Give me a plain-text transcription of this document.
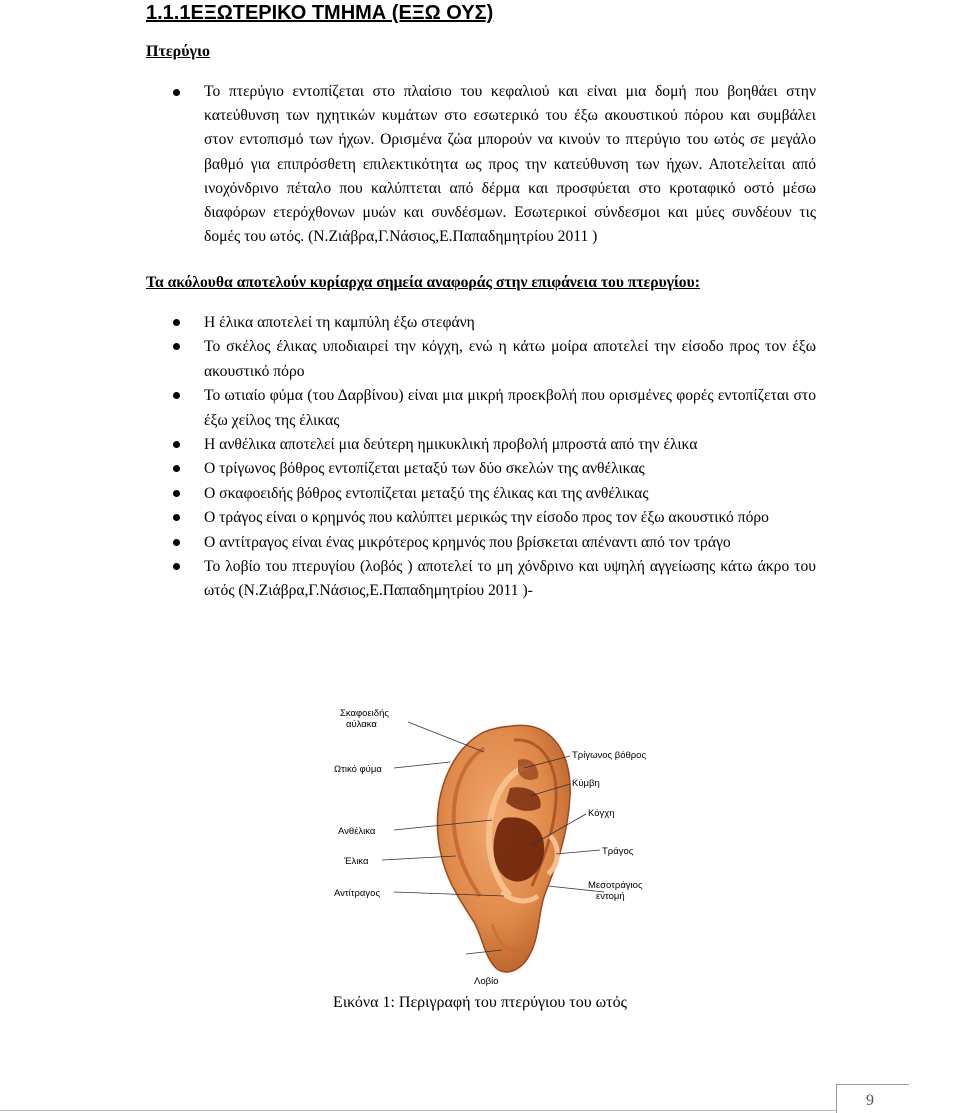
1.1.1ΕΞΩΤΕΡΙΚΟ ΤΜΗΜΑ (ΕΞΩ ΟΥΣ)
Πτερύγιο

Το πτερύγιο εντοπίζεται στο πλαίσιο του κεφαλιού και είναι μια δομή που βοηθάει στην κατεύθυνση των ηχητικών κυμάτων στο εσωτερικό του έξω ακουστικού πόρου και συμβάλει στον εντοπισμό των ήχων. Ορισμένα ζώα μπορούν να κινούν το πτερύγιο του ωτός σε μεγάλο βαθμό για επιπρόσθετη επιλεκτικότητα ως προς την κατεύθυνση των ήχων. Αποτελείται από ινοχόνδρινο πέταλο που καλύπτεται από δέρμα και προσφύεται στο κροταφικό οστό μέσω διαφόρων ετερόχθονων μυών και συνδέσμων. Εσωτερικοί σύνδεσμοι και μύες συνδέουν τις δομές του ωτός. (Ν.Ζιάβρα,Γ.Νάσιος,Ε.Παπαδημητρίου 2011 )

Τα ακόλουθα αποτελούν κυρίαρχα σημεία αναφοράς στην επιφάνεια του πτερυγίου:
Η έλικα αποτελεί τη καμπύλη έξω στεφάνη
Το σκέλος έλικας υποδιαιρεί την κόγχη, ενώ η κάτω μοίρα αποτελεί την είσοδο προς τον έξω ακουστικό πόρο
Το ωτιαίο φύμα (του Δαρβίνου) είναι μια μικρή προεκβολή που ορισμένες φορές εντοπίζεται στο έξω χείλος της έλικας
Η ανθέλικα αποτελεί μια δεύτερη ημικυκλική προβολή μπροστά από την έλικα
Ο τρίγωνος βόθρος εντοπίζεται μεταξύ των δύο σκελών της ανθέλικας
Ο σκαφοειδής βόθρος εντοπίζεται μεταξύ της έλικας και της ανθέλικας
Ο τράγος είναι ο κρημνός που καλύπτει μερικώς την είσοδο προς τον έξω ακουστικό πόρο
Ο αντίτραγος είναι ένας μικρότερος κρημνός που βρίσκεται απέναντι από τον τράγο
Το λοβίο του πτερυγίου (λοβός ) αποτελεί το μη χόνδρινο και υψηλή αγγείωσης κάτω άκρο του ωτός (Ν.Ζιάβρα,Γ.Νάσιος,Ε.Παπαδημητρίου 2011 )-
Σκαφοειδής
αύλακα
Ωτικό φύμα
Ανθέλικα
Έλικα
Αντίτραγος
Τρίγωνος βόθρος
Κύμβη
Κόγχη
Τράγος
Μεσοτράγιος
εντομή
Λοβίο
Εικόνα 1: Περιγραφή του πτερύγιου του ωτός
9
